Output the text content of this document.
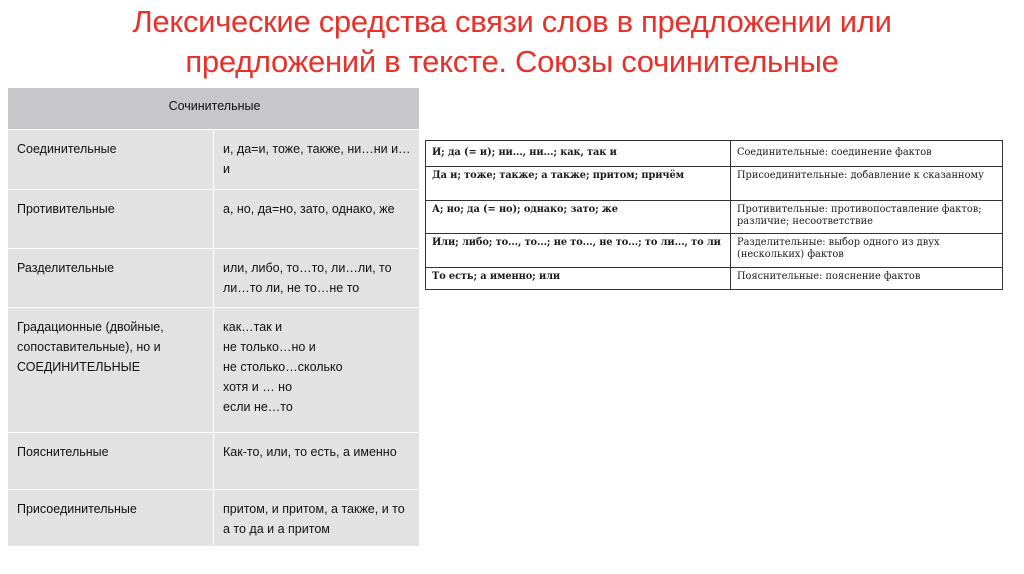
Лексические средства связи слов в предложении или
предложений в тексте. Союзы сочинительные
Сочинительные	
Соединительные	и, да=и, тоже, также, ни…ни и…и
Противительные	а, но, да=но, зато, однако, же
Разделительные	или, либо, то…то, ли…ли, то ли…то ли, не то…не то
Градационные (двойные, сопоставительные), но и СОЕДИНИТЕЛЬНЫЕ	как…так и
не только…но и
не столько…сколько
хотя и … но
если не…то
Пояснительные	Как-то, или, то есть, а именно
Присоединительные	притом, и притом, а также, и то а то да и а притом
И; да (= и); ни..., ни...; как, так и	Соединительные: соединение фактов
Да и; тоже; также; а также; притом; причём	Присоединительные: добавление к сказанному
А; но; да (= но); однако; зато; же	Противительные: противопоставление фактов; различие; несоответствие
Или; либо; то..., то...; не то..., не то...; то ли..., то ли	Разделительные: выбор одного из двух (нескольких) фактов
То есть; а именно; или	Пояснительные: пояснение фактов
